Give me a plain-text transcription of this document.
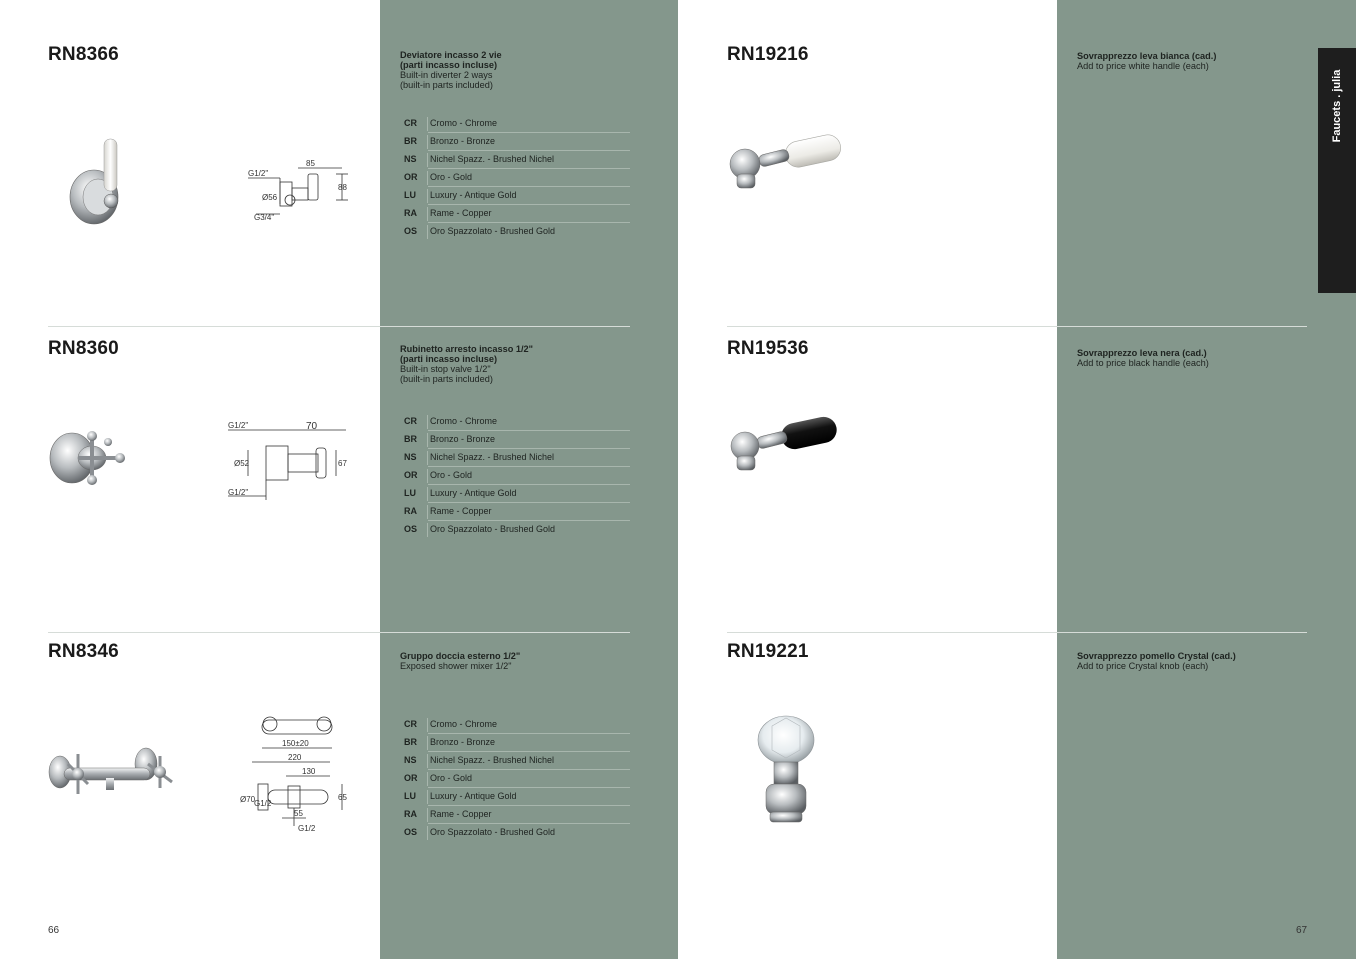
Faucets . julia
RN8366
85
G1/2"
Ø56
88
G3/4"
Deviatore incasso 2 vie
(parti incasso incluse)
Built-in diverter 2 ways
(built-in parts included)
CR	Cromo - Chrome
BR	Bronzo - Bronze
NS	Nichel Spazz. - Brushed Nichel
OR	Oro - Gold
LU	Luxury - Antique Gold
RA	Rame - Copper
OS	Oro Spazzolato - Brushed Gold
RN8360
G1/2"	70
Ø52	67
G1/2"
Rubinetto arresto incasso 1/2"
(parti incasso incluse)
Built-in stop valve 1/2"
(built-in parts included)
CR	Cromo - Chrome
BR	Bronzo - Bronze
NS	Nichel Spazz. - Brushed Nichel
OR	Oro - Gold
LU	Luxury - Antique Gold
RA	Rame - Copper
OS	Oro Spazzolato - Brushed Gold
RN8346
150±20
220
130
Ø70
G1/2
65
55
G1/2
Gruppo doccia esterno 1/2"
Exposed shower mixer 1/2"
CR	Cromo - Chrome
BR	Bronzo - Bronze
NS	Nichel Spazz. - Brushed Nichel
OR	Oro - Gold
LU	Luxury - Antique Gold
RA	Rame - Copper
OS	Oro Spazzolato - Brushed Gold
RN19216	Sovrapprezzo leva bianca (cad.)
Add to price white handle (each)
RN19536	Sovrapprezzo leva nera (cad.)
Add to price black handle (each)
RN19221	Sovrapprezzo pomello Crystal (cad.)
Add to price Crystal knob (each)
66	67
